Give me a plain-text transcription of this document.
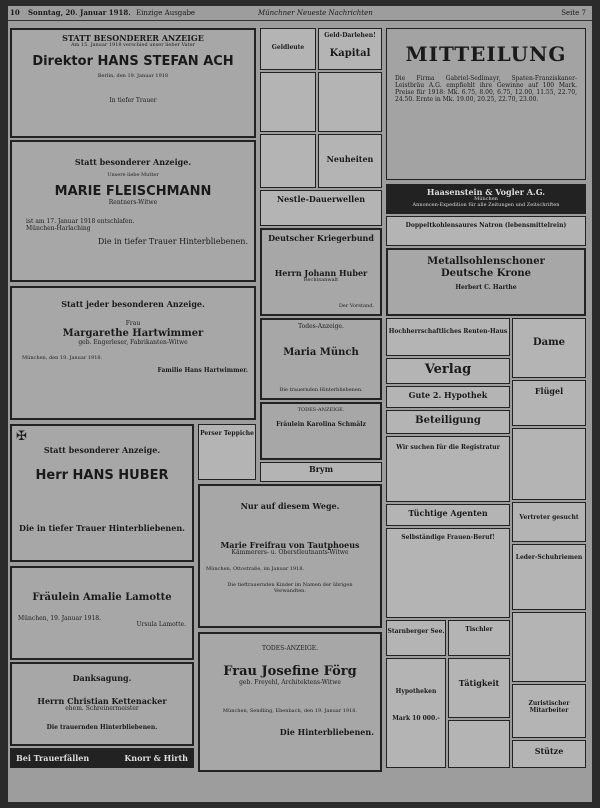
10 Sonntag, 20. Januar 1918. Einzige Ausgabe	Münchner Neueste Nachrichten	Seite 7
STATT BESONDERER ANZEIGE
Am 15. Januar 1918 verschied unser lieber Vater
Direktor HANS STEFAN ACH
Berlin, den 19. Januar 1918
In tiefer Trauer
Statt besonderer Anzeige.
Unsere liebe Mutter
MARIE FLEISCHMANN
Rentners-Witwe
ist am 17. Januar 1918 entschlafen.
München-Harlaching
Die in tiefer Trauer Hinterbliebenen.
Statt jeder besonderen Anzeige.
Frau
Margarethe Hartwimmer
geb. Engerleser, Fabrikanten-Witwe
München, den 19. Januar 1918.
Familie Hans Hartwimmer.
✠
Statt besonderer Anzeige.
Herr HANS HUBER
Die in tiefer Trauer Hinterbliebenen.
Fräulein Amalie Lamotte
München, 19. Januar 1918.
Ursula Lamotte.
Danksagung.
Herrn Christian Kettenacker
ehem. Schreinermeister
Die trauernden Hinterbliebenen.
Bei Trauerfällen	Knorr & Hirth
Geldleute
Geld-Darlehen!
Kapital
Neuheiten
Nestle-Dauerwellen
Deutscher Kriegerbund
Herrn Johann Huber
Rechtsanwalt
Der Vorstand.
Todes-Anzeige.
Maria Münch
Die trauernden Hinterbliebenen.
TODES-ANZEIGE.
Fräulein Karolina Schmälz
Perser Teppiche
Brym
Nur auf diesem Wege.
Marie Freifrau von Tautphoeus
Kämmerers- u. Oberstleutnants-Witwe
München, Ottostraße, im Januar 1918.
Die tieftrauernden Kinder im Namen der übrigen Verwandten.
TODES-ANZEIGE.
Frau Josefine Förg
geb. Freyehl, Architektens-Witwe
München, Sendling, Ebenbach, den 19. Januar 1918.
Die Hinterbliebenen.
MITTEILUNG
Die Firma Gabriel-Sedlmayr, Spaten-Franziskaner-Leistbräu A.G. empfiehlt ihre Gewinne auf 100 Mark. Preise für 1918: Mk. 6.75, 8.00, 6.75, 12.00, 11.55, 22.70, 24.50. Ernte in Mk. 19.00, 20.25, 22.70, 23.00.
Haasenstein & Vogler A.G.
München
Annoncen-Expedition für alle Zeitungen und Zeitschriften
Doppeltkohlensaures Natron (lebensmittelrein)
Metallsohlenschoner
Deutsche Krone
Herbert C. Harthe
Hochherrschaftliches Renten-Haus
Verlag
Gute 2. Hypothek
Beteiligung
Wir suchen für die Registratur
Tüchtige Agenten
Selbständige Frauen-Beruf!
Dame
Flügel
Vertreter gesucht
Leder-Schuhriemen
Starnberger See.	Tischler
Tätigkeit
Hypotheken
Mark 10 000.-
Zuristischer Mitarbeiter
Stütze
